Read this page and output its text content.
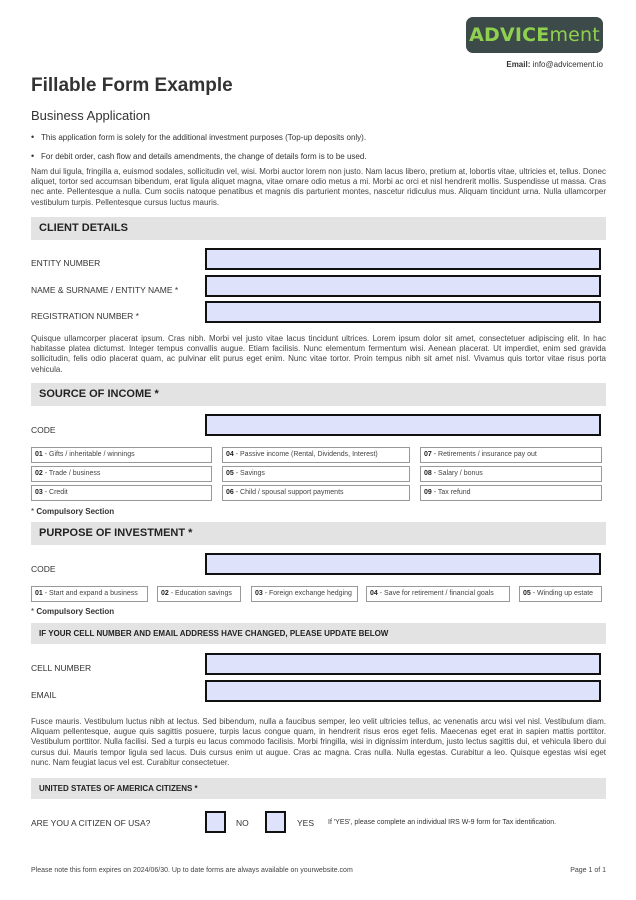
ADVICEment
Email: info@advicement.io
Fillable Form Example
Business Application
• This application form is solely for the additional investment purposes (Top-up deposits only).
• For debit order, cash flow and details amendments, the change of details form is to be used.
Nam dui ligula, fringilla a, euismod sodales, sollicitudin vel, wisi. Morbi auctor lorem non justo. Nam lacus libero, pretium at, lobortis vitae, ultricies et, tellus. Donec aliquet, tortor sed accumsan bibendum, erat ligula aliquet magna, vitae ornare odio metus a mi. Morbi ac orci et nisl hendrerit mollis. Suspendisse ut massa. Cras nec ante. Pellentesque a nulla. Cum sociis natoque penatibus et magnis dis parturient montes, nascetur ridiculus mus. Aliquam tincidunt urna. Nulla ullamcorper vestibulum turpis. Pellentesque cursus luctus mauris.
CLIENT DETAILS
ENTITY NUMBER
NAME & SURNAME / ENTITY NAME *
REGISTRATION NUMBER *
Quisque ullamcorper placerat ipsum. Cras nibh. Morbi vel justo vitae lacus tincidunt ultrices. Lorem ipsum dolor sit amet, consectetuer adipiscing elit. In hac habitasse platea dictumst. Integer tempus convallis augue. Etiam facilisis. Nunc elementum fermentum wisi. Aenean placerat. Ut imperdiet, enim sed gravida sollicitudin, felis odio placerat quam, ac pulvinar elit purus eget enim. Nunc vitae tortor. Proin tempus nibh sit amet nisl. Vivamus quis tortor vitae risus porta vehicula.
SOURCE OF INCOME *
CODE
01 - Gifts / inheritable / winnings	04 - Passive income (Rental, Dividends, Interest)	07 - Retirements / insurance pay out
02 - Trade / business	05 - Savings	08 - Salary / bonus
03 - Credit	06 - Child / spousal support payments	09 - Tax refund
* Compulsory Section
PURPOSE OF INVESTMENT *
CODE
01 - Start and expand a business	02 - Education savings	03 - Foreign exchange hedging	04 - Save for retirement / financial goals	05 - Winding up estate
* Compulsory Section
IF YOUR CELL NUMBER AND EMAIL ADDRESS HAVE CHANGED, PLEASE UPDATE BELOW
CELL NUMBER
EMAIL
Fusce mauris. Vestibulum luctus nibh at lectus. Sed bibendum, nulla a faucibus semper, leo velit ultricies tellus, ac venenatis arcu wisi vel nisl. Vestibulum diam. Aliquam pellentesque, augue quis sagittis posuere, turpis lacus congue quam, in hendrerit risus eros eget felis. Maecenas eget erat in sapien mattis porttitor. Vestibulum porttitor. Nulla facilisi. Sed a turpis eu lacus commodo facilisis. Morbi fringilla, wisi in dignissim interdum, justo lectus sagittis dui, et vehicula libero dui cursus dui. Mauris tempor ligula sed lacus. Duis cursus enim ut augue. Cras ac magna. Cras nulla. Nulla egestas. Curabitur a leo. Quisque egestas wisi eget nunc. Nam feugiat lacus vel est. Curabitur consectetuer.
UNITED STATES OF AMERICA CITIZENS *
ARE YOU A CITIZEN OF USA?	NO	YES If 'YES', please complete an individual IRS W-9 form for Tax identification.
Please note this form expires on 2024/06/30. Up to date forms are always available on yourwebsite.com	Page 1 of 1
